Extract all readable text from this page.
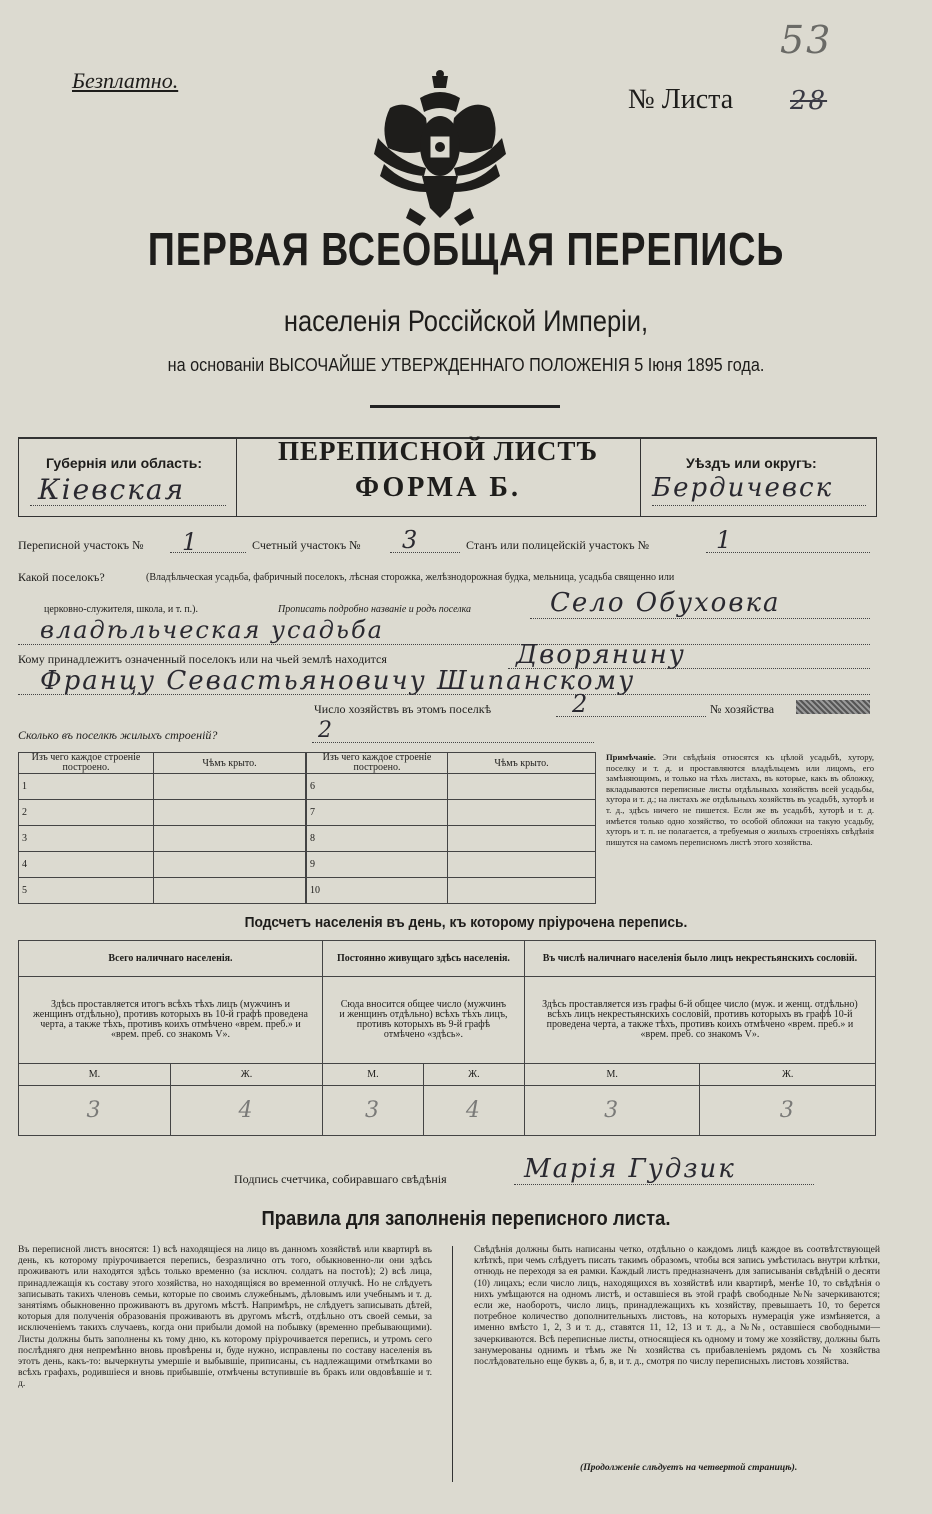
Безплатно.
№ Листа 28
53
ПЕРВАЯ ВСЕОБЩАЯ ПЕРЕПИСЬ
населенія Россійской Имперіи,
на основаніи ВЫСОЧАЙШЕ УТВЕРЖДЕННАГО ПОЛОЖЕНІЯ 5 Іюня 1895 года.
Губернія или область:
Кіевская
ПЕРЕПИСНОЙ ЛИСТЪ
ФОРМА Б.
Уѣздъ или округъ:
Бердичевск
Переписной участокъ № 1	Счетный участокъ № 3	Станъ или полицейскій участокъ №	1
Какой поселокъ?	(Владѣльческая усадьба, фабричный поселокъ, лѣсная сторожка, желѣзнодорожная будка, мельница, усадьба священно или
церковно-служителя, школа, и т. п.).	Прописать подробно названіе и родъ поселка	Село Обуховка
владѣльческая усадьба
Кому принадлежитъ означенный поселокъ или на чьей землѣ находится	Дворянину
Францу Севастьяновичу Шипанскому
Число хозяйствъ въ этомъ поселкѣ	2	№ хозяйства
Сколько въ поселкѣ жилыхъ строеній?	2
Изъ чего каждое строеніе построено.	Чѣмъ крыто.
1	
2	
3	
4	
5	
Изъ чего каждое строеніе построено.	Чѣмъ крыто.
6	
7	
8	
9	
10	
Примѣчаніе. Эти свѣдѣнія относятся къ цѣлой усадьбѣ, хутору, поселку и т. д. и проставляются владѣльцемъ или лицомъ, его замѣняющимъ, и только на тѣхъ листахъ, въ которые, какъ въ обложку, вкладываются переписные листы отдѣльныхъ хозяйствъ всей усадьбы, хутора и т. д.; на листахъ же отдѣльныхъ хозяйствъ въ усадьбѣ, хуторѣ и т. д., здѣсь ничего не пишется. Если же въ усадьбѣ, хуторѣ и т. д. имѣется только одно хозяйство, то особой обложки на такую усадьбу, хуторъ и т. п. не полагается, а требуемыя о жилыхъ строеніяхъ свѣдѣнія пишутся на самомъ переписномъ листѣ этого хозяйства.
Подсчетъ населенія въ день, къ которому пріурочена перепись.
Всего наличнаго населенія.		Постоянно живущаго здѣсь населенія.		Въ числѣ наличнаго населенія было лицъ некрестьянскихъ сословій.	
Здѣсь проставляется итогъ всѣхъ тѣхъ лицъ (мужчинъ и женщинъ отдѣльно), противъ которыхъ въ 10-й графѣ проведена черта, а также тѣхъ, противъ коихъ отмѣчено «врем. преб.» и «врем. преб. со знакомъ V».		Сюда вносится общее число (мужчинъ и женщинъ отдѣльно) всѣхъ тѣхъ лицъ, противъ которыхъ въ 9-й графѣ отмѣчено «здѣсь».		Здѣсь проставляется изъ графы 6-й общее число (муж. и женщ. отдѣльно) всѣхъ лицъ некрестьянскихъ сословій, противъ которыхъ въ графѣ 10-й проведена черта, а также тѣхъ, противъ коихъ отмѣчено «врем. преб.» и «врем. преб. со знакомъ V».	
М.	Ж.	М.	Ж.	М.	Ж.
3	4	3	4	3	3
Подпись счетчика, собиравшаго свѣдѣнія	Марія Гудзик
Правила для заполненія переписного листа.
Въ переписной листъ вносятся: 1) всѣ находящіеся на лицо въ данномъ хозяйствѣ или квартирѣ въ день, къ которому пріурочивается перепись, безразлично отъ того, обыкновенно-ли они здѣсь проживаютъ или находятся здѣсь только временно (за исключ. солдатъ на постоѣ); 2) всѣ лица, принадлежащія къ составу этого хозяйства, но находящіяся во временной отлучкѣ. Но не слѣдуетъ записывать такихъ членовъ семьи, которые по своимъ служебнымъ, дѣловымъ или учебнымъ и т. д. занятіямъ обыкновенно проживаютъ въ другомъ мѣстѣ. Напримѣръ, не слѣдуетъ записывать дѣтей, которыя для полученія образованія проживаютъ въ другомъ мѣстѣ, отдѣльно отъ своей семьи, за исключеніемъ такихъ случаевъ, когда они прибыли домой на побывку (временно пребывающими). Листы должны быть заполнены къ тому дню, къ которому пріурочивается перепись, и утромъ сего послѣдняго дня непремѣнно вновь провѣрены и, буде нужно, исправлены по составу населенія въ этотъ день, какъ-то: вычеркнуты умершіе и выбывшіе, приписаны, съ надлежащими отмѣтками во всѣхъ графахъ, родившіеся и вновь прибывшіе, отмѣчены вступившіе въ бракъ или овдовѣвшіе и т. д.
Свѣдѣнія должны быть написаны четко, отдѣльно о каждомъ лицѣ каждое въ соотвѣтствующей клѣткѣ, при чемъ слѣдуетъ писать такимъ образомъ, чтобы вся запись умѣстилась внутри клѣтки, отнюдь не переходя за ея рамки. Каждый листъ предназначенъ для записыванія свѣдѣній о десяти (10) лицахъ; если число лицъ, находящихся въ хозяйствѣ или квартирѣ, менѣе 10, то свѣдѣнія о нихъ умѣщаются на одномъ листѣ, и оставшіеся въ этой графѣ свободные №№ зачеркиваются; если же, наоборотъ, число лицъ, принадлежащихъ къ хозяйству, превышаетъ 10, то берется потребное количество дополнительныхъ листовъ, на которыхъ нумерація уже измѣняется, а именно вмѣсто 1, 2, 3 и т. д., ставятся 11, 12, 13 и т. д., а №№, оставшіеся свободными—зачеркиваются. Всѣ переписные листы, относящіеся къ одному и тому же хозяйству, должны быть занумерованы однимъ и тѣмъ же № хозяйства съ прибавленіемъ рядомъ съ № хозяйства послѣдовательно еще буквъ а, б, в, и т. д., смотря по числу переписныхъ листовъ хозяйства.
(Продолженіе слѣдуетъ на четвертой страницѣ).
